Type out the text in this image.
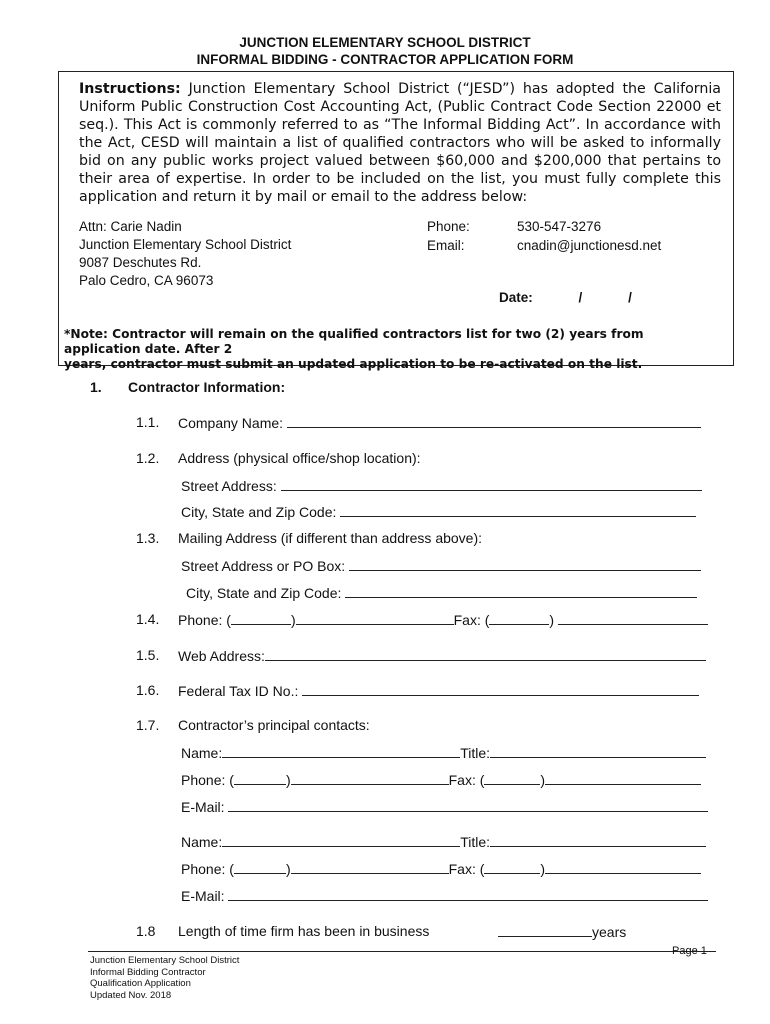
JUNCTION ELEMENTARY SCHOOL DISTRICT
INFORMAL BIDDING - CONTRACTOR APPLICATION FORM

Instructions: Junction Elementary School District (“JESD”) has adopted the California Uniform Public Construction Cost Accounting Act, (Public Contract Code Section 22000 et seq.). This Act is commonly referred to as “The Informal Bidding Act”. In accordance with the Act, CESD will maintain a list of qualified contractors who will be asked to informally bid on any public works project valued between $60,000 and $200,000 that pertains to their area of expertise. In order to be included on the list, you must fully complete this application and return it by mail or email to the address below:

Attn: Carie Nadin
Junction Elementary School District
9087 Deschutes Rd.
Palo Cedro, CA 96073
Phone:	530-547-3276
Email:	cnadin@junctionesd.net
Date:	/	/

*Note: Contractor will remain on the qualified contractors list for two (2) years from application date. After 2
years, contractor must submit an updated application to be re-activated on the list.

1. Contractor Information:
1.1. Company Name:
1.2. Address (physical office/shop location):
Street Address:
City, State and Zip Code:
1.3. Mailing Address (if different than address above):
Street Address or PO Box:
City, State and Zip Code:
1.4. Phone: (	)	Fax: (	)
1.5. Web Address:
1.6. Federal Tax ID No.:
1.7. Contractor’s principal contacts:
Name:	Title:
Phone: (	)	Fax: (	)
E-Mail:
Name:	Title:
Phone: (	)	Fax: (	)
E-Mail:
1.8 Length of time firm has been in business	years
Page 1
Junction Elementary School District
Informal Bidding Contractor
Qualification Application
Updated Nov. 2018
